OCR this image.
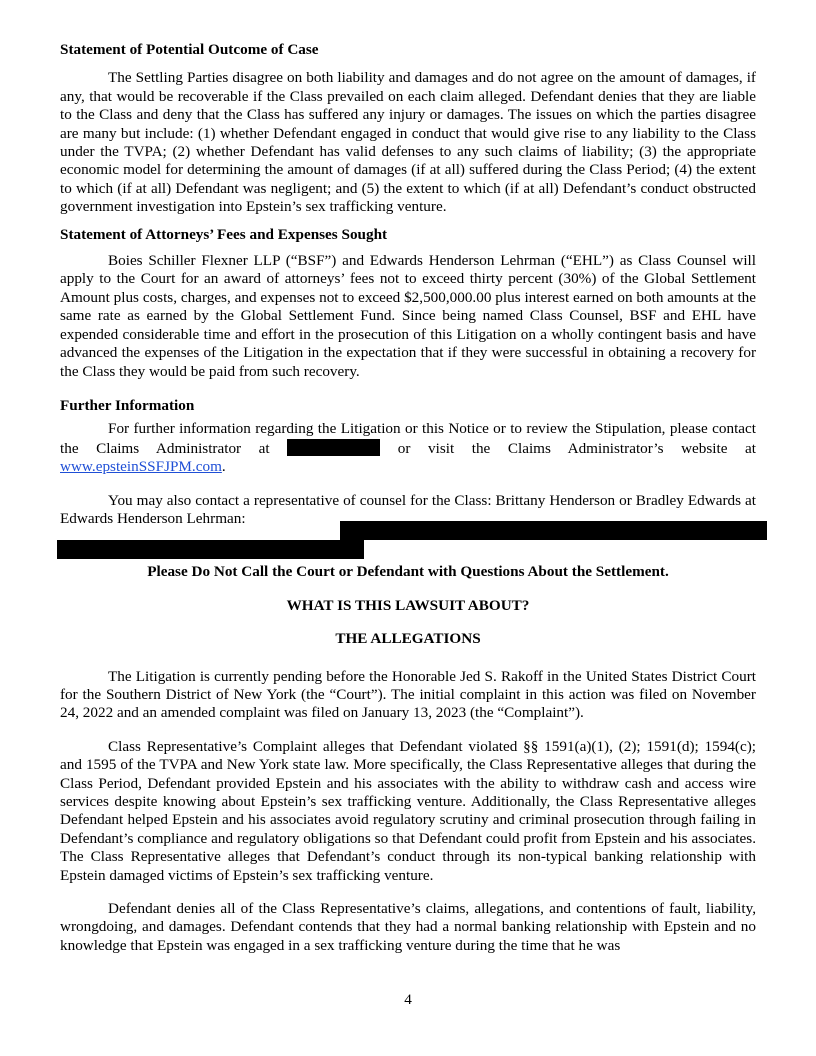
Statement of Potential Outcome of Case

The Settling Parties disagree on both liability and damages and do not agree on the amount of damages, if any, that would be recoverable if the Class prevailed on each claim alleged. Defendant denies that they are liable to the Class and deny that the Class has suffered any injury or damages. The issues on which the parties disagree are many but include: (1) whether Defendant engaged in conduct that would give rise to any liability to the Class under the TVPA; (2) whether Defendant has valid defenses to any such claims of liability; (3) the appropriate economic model for determining the amount of damages (if at all) suffered during the Class Period; (4) the extent to which (if at all) Defendant was negligent; and (5) the extent to which (if at all) Defendant’s conduct obstructed government investigation into Epstein’s sex trafficking venture.

Statement of Attorneys’ Fees and Expenses Sought

Boies Schiller Flexner LLP (“BSF”) and Edwards Henderson Lehrman (“EHL”) as Class Counsel will apply to the Court for an award of attorneys’ fees not to exceed thirty percent (30%) of the Global Settlement Amount plus costs, charges, and expenses not to exceed $2,500,000.00 plus interest earned on both amounts at the same rate as earned by the Global Settlement Fund. Since being named Class Counsel, BSF and EHL have expended considerable time and effort in the prosecution of this Litigation on a wholly contingent basis and have advanced the expenses of the Litigation in the expectation that if they were successful in obtaining a recovery for the Class they would be paid from such recovery.

Further Information

For further information regarding the Litigation or this Notice or to review the Stipulation, please contact the Claims Administrator at	or visit the Claims Administrator’s website at www.epsteinSSFJPM.com.

You may also contact a representative of counsel for the Class: Brittany Henderson or Bradley Edwards at Edwards Henderson Lehrman:

Please Do Not Call the Court or Defendant with Questions About the Settlement.

WHAT IS THIS LAWSUIT ABOUT?

THE ALLEGATIONS

The Litigation is currently pending before the Honorable Jed S. Rakoff in the United States District Court for the Southern District of New York (the “Court”). The initial complaint in this action was filed on November 24, 2022 and an amended complaint was filed on January 13, 2023 (the “Complaint”).

Class Representative’s Complaint alleges that Defendant violated §§ 1591(a)(1), (2); 1591(d); 1594(c); and 1595 of the TVPA and New York state law. More specifically, the Class Representative alleges that during the Class Period, Defendant provided Epstein and his associates with the ability to withdraw cash and access wire services despite knowing about Epstein’s sex trafficking venture. Additionally, the Class Representative alleges Defendant helped Epstein and his associates avoid regulatory scrutiny and criminal prosecution through failing in Defendant’s compliance and regulatory obligations so that Defendant could profit from Epstein and his associates. The Class Representative alleges that Defendant’s conduct through its non-typical banking relationship with Epstein damaged victims of Epstein’s sex trafficking venture.

Defendant denies all of the Class Representative’s claims, allegations, and contentions of fault, liability, wrongdoing, and damages. Defendant contends that they had a normal banking relationship with Epstein and no knowledge that Epstein was engaged in a sex trafficking venture during the time that he was

4
